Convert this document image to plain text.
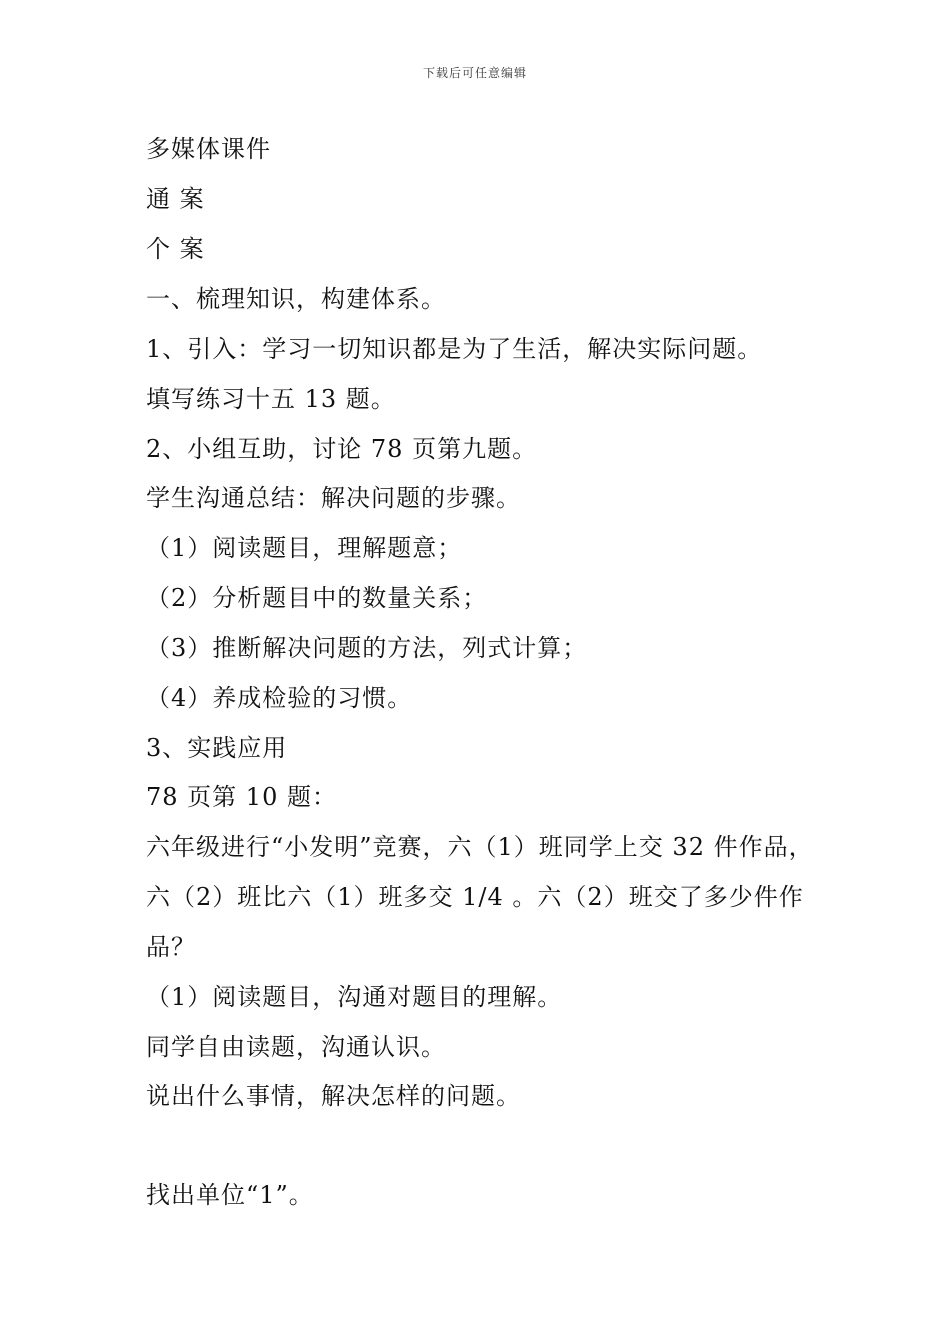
下载后可任意编辑
多媒体课件
通 案
个 案
一、梳理知识，构建体系。
1、引入：学习一切知识都是为了生活，解决实际问题。
填写练习十五 13 题。
2、小组互助，讨论 78 页第九题。
学生沟通总结：解决问题的步骤。
（1）阅读题目，理解题意；
（2）分析题目中的数量关系；
（3）推断解决问题的方法，列式计算；
（4）养成检验的习惯。
3、实践应用
78 页第 10 题：
六年级进行“小发明”竞赛，六（1）班同学上交 32 件作品，
六（2）班比六（1）班多交 1/4 。六（2）班交了多少件作
品？
（1）阅读题目，沟通对题目的理解。
同学自由读题，沟通认识。
说出什么事情，解决怎样的问题。
找出单位“1”。
